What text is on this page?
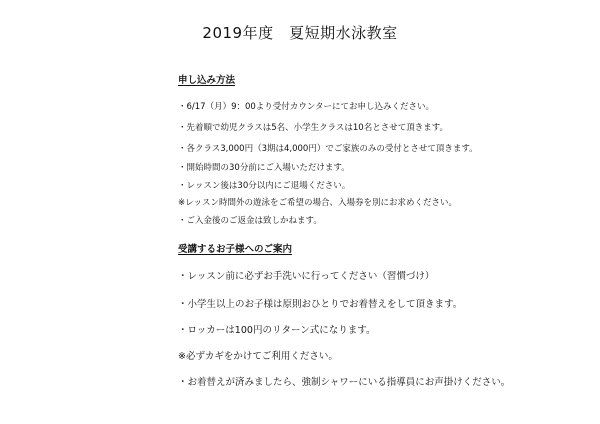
2019年度　夏短期水泳教室
申し込み方法

・6/17（月）9：00より受付カウンターにてお申し込みください。

・先着順で幼児クラスは5名、小学生クラスは10名とさせて頂きます。

・各クラス3,000円（3期は4,000円）でご家族のみの受付とさせて頂きます。

・開始時間の30分前にご入場いただけます。

・レッスン後は30分以内にご退場ください。

※レッスン時間外の遊泳をご希望の場合、入場券を別にお求めください。

・ご入金後のご返金は致しかねます。

受講するお子様へのご案内

・レッスン前に必ずお手洗いに行ってください（習慣づけ）

・小学生以上のお子様は原則おひとりでお着替えをして頂きます。

・ロッカーは100円のリターン式になります。

※必ずカギをかけてご利用ください。

・お着替えが済みましたら、強制シャワーにいる指導員にお声掛けください。
